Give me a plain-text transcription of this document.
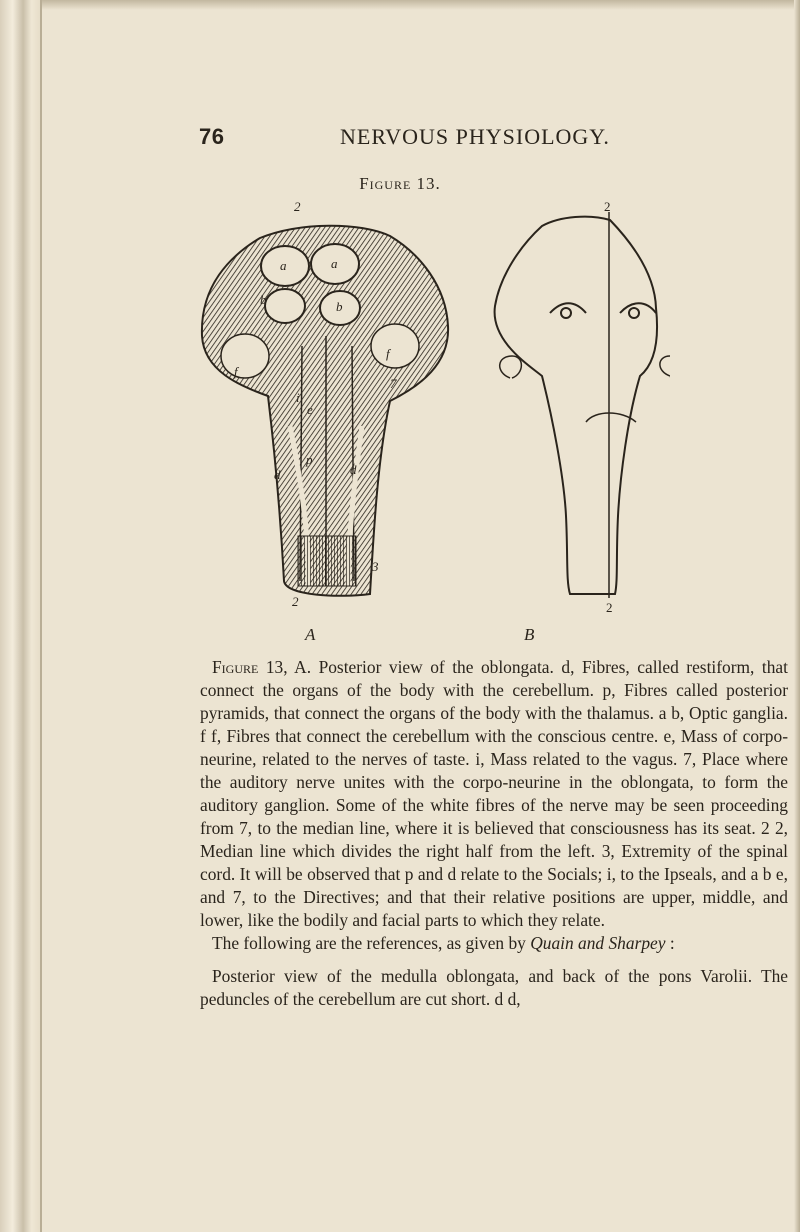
76	NERVOUS PHYSIOLOGY.
Figure 13.
2
a	a
b	b
f
f
7
i
e
p
d	d
3
2
2
2
A	B

Figure 13, A. Posterior view of the oblongata. d, Fibres, called restiform, that connect the organs of the body with the cerebellum. p, Fibres called posterior pyramids, that connect the organs of the body with the thalamus. a b, Optic ganglia. f f, Fibres that connect the cerebellum with the conscious centre. e, Mass of corpo-neurine, related to the nerves of taste. i, Mass related to the vagus. 7, Place where the auditory nerve unites with the corpo-neurine in the oblongata, to form the auditory ganglion. Some of the white fibres of the nerve may be seen proceeding from 7, to the median line, where it is believed that consciousness has its seat. 2 2, Median line which divides the right half from the left. 3, Extremity of the spinal cord. It will be observed that p and d relate to the Socials; i, to the Ipseals, and a b e, and 7, to the Directives; and that their relative positions are upper, middle, and lower, like the bodily and facial parts to which they relate.

The following are the references, as given by Quain and Sharpey :

Posterior view of the medulla oblongata, and back of the pons Varolii. The peduncles of the cerebellum are cut short. d d,
